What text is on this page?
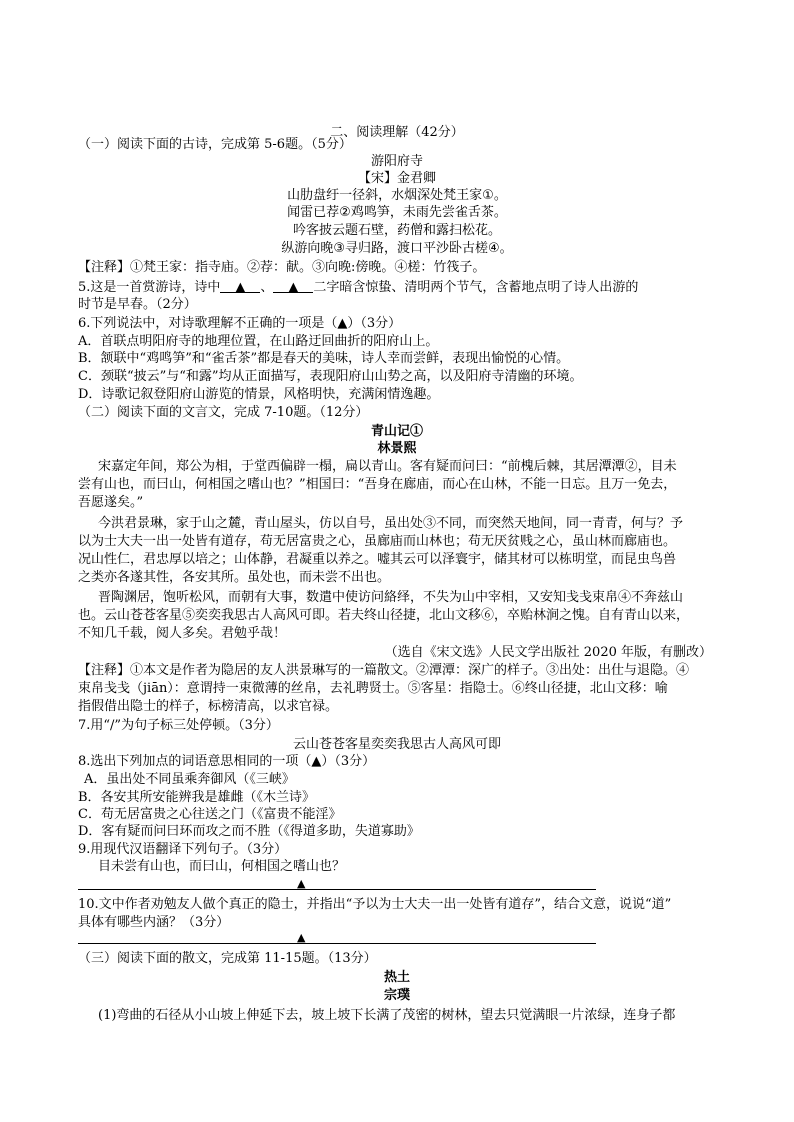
二、阅读理解（42分）
（一）阅读下面的古诗，完成第 5-6题。（5分）
游阳府寺
【宋】金君卿
山肋盘纡一径斜，水烟深处梵王家①。
闻雷已荐②鸡鸣笋，未雨先尝雀舌茶。
吟客披云题石壁，药僧和露扫松花。
纵游向晚③寻归路，渡口平沙卧古槎④。
【注释】①梵王家：指寺庙。②荐：献。③向晚:傍晚。④槎：竹筏子。
5.这是一首赏游诗，诗中 ▲ 、 ▲ 二字暗含惊蛰、清明两个节气，含蓄地点明了诗人出游的
时节是早春。（2分）
6.下列说法中，对诗歌理解不正确的一项是（▲）（3分）
A．首联点明阳府寺的地理位置，在山路迂回曲折的阳府山上。
B．颔联中“鸡鸣笋”和“雀舌茶”都是春天的美味，诗人幸而尝鲜，表现出愉悦的心情。
C．颈联“披云”与“和露”均从正面描写，表现阳府山山势之高，以及阳府寺清幽的环境。
D．诗歌记叙登阳府山游览的情景，风格明快，充满闲情逸趣。
（二）阅读下面的文言文，完成 7-10题。（12分）
青山记①
林景熙
宋嘉定年间，郑公为相，于堂西偏辟一榻，扁以青山。客有疑而问曰：“前槐后棘，其居潭潭②，目未
尝有山也，而曰山，何相国之嗜山也？”相国曰：“吾身在廊庙，而心在山林，不能一日忘。且万一免去，
吾愿遂矣。”
今洪君景琳，家于山之麓，青山屋头，仿以自号，虽出处③不同，而突然天地间，同一青青，何与？予
以为士大夫一出一处皆有道存，苟无居富贵之心，虽廊庙而山林也；苟无厌贫贱之心，虽山林而廊庙也。
况山性仁，君忠厚以培之；山体静，君凝重以养之。嘘其云可以泽寰宇，储其材可以栋明堂，而昆虫鸟兽
之类亦各遂其性，各安其所。虽处也，而未尝不出也。
晋陶渊居，饱听松风，而朝有大事，数遣中使访问絡绎，不失为山中宰相，又安知戋戋束帛④不奔兹山
也。云山苍苍客星⑤奕奕我思古人高风可即。若夫终山径捷，北山文移⑥，卒贻林涧之愧。自有青山以来，
不知几千载，阅人多矣。君勉乎哉！
（选自《宋文选》人民文学出版社 2020 年版，有删改）
【注释】①本文是作者为隐居的友人洪景琳写的一篇散文。②潭潭：深广的样子。③出处：出仕与退隐。④
束帛戋戋（jiān）：意谓持一束微薄的丝帛，去礼聘贤士。⑤客星：指隐士。⑥终山径捷，北山文移：喻
指假借出隐士的样子，标榜清高，以求官禄。
7.用“/”为句子标三处停顿。（3分）
云山苍苍客星奕奕我思古人高风可即
8.选出下列加点的词语意思相同的一项（▲）（3分）
A．虽出处不同虽乘奔御风（《三峡》
B．各安其所安能辨我是雄雌（《木兰诗》
C．苟无居富贵之心往送之门（《富贵不能淫》
D．客有疑而问曰环而攻之而不胜（《得道多助，失道寡助》
9.用现代汉语翻译下列句子。（3分）
目未尝有山也，而曰山，何相国之嗜山也？
▲
10.文中作者劝勉友人做个真正的隐士，并指出“予以为士大夫一出一处皆有道存”，结合文意，说说“道”
具体有哪些内涵？（3分）
▲
（三）阅读下面的散文，完成第 11-15题。（13分）
热土
宗璞
(1)弯曲的石径从小山坡上伸延下去，坡上坡下长满了茂密的树林，望去只觉满眼一片浓绿，连身子都
